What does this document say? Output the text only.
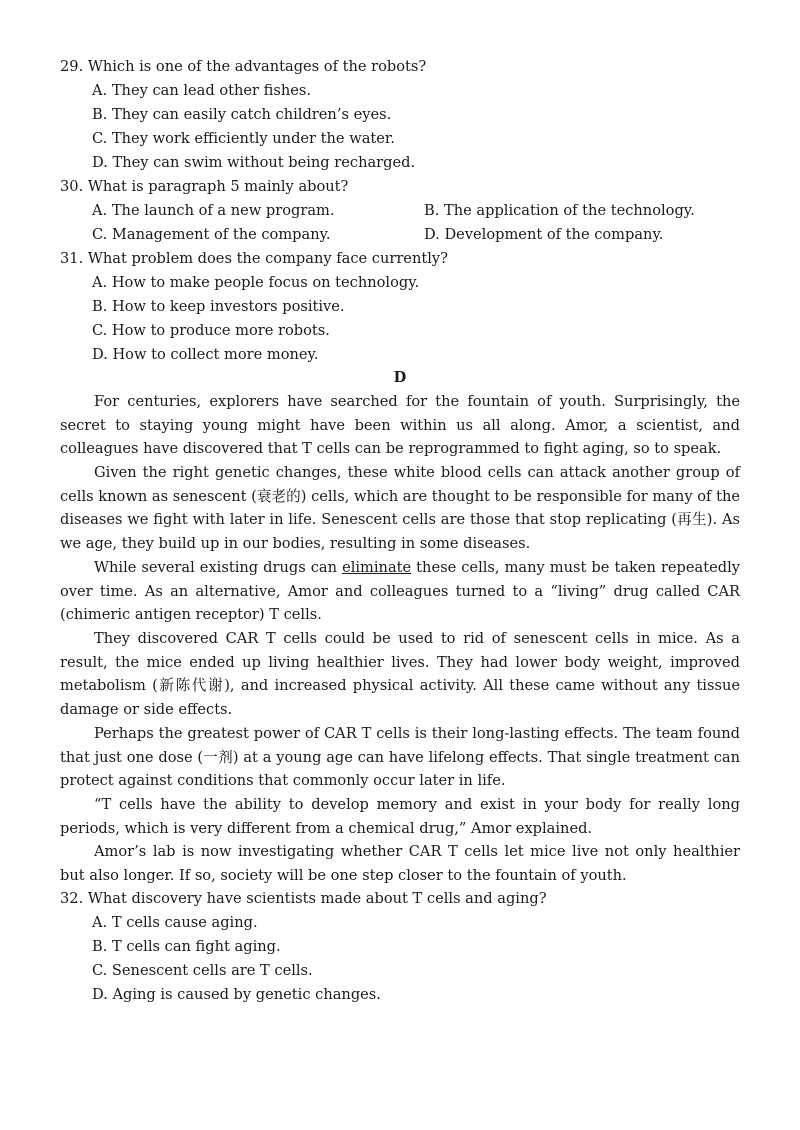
29. Which is one of the advantages of the robots?
A. They can lead other fishes.
B. They can easily catch children’s eyes.
C. They work efficiently under the water.
D. They can swim without being recharged.
30. What is paragraph 5 mainly about?
A. The launch of a new program.	B. The application of the technology.
C. Management of the company.	D. Development of the company.
31. What problem does the company face currently?
A. How to make people focus on technology.
B. How to keep investors positive.
C. How to produce more robots.
D. How to collect more money.
D
For centuries, explorers have searched for the fountain of youth. Surprisingly, the secret to staying young might have been within us all along. Amor, a scientist, and colleagues have discovered that T cells can be reprogrammed to fight aging, so to speak.
Given the right genetic changes, these white blood cells can attack another group of cells known as senescent (衰老的) cells, which are thought to be responsible for many of the diseases we fight with later in life. Senescent cells are those that stop replicating (再生). As we age, they build up in our bodies, resulting in some diseases.
While several existing drugs can eliminate these cells, many must be taken repeatedly over time. As an alternative, Amor and colleagues turned to a “living” drug called CAR (chimeric antigen receptor) T cells.
They discovered CAR T cells could be used to rid of senescent cells in mice. As a result, the mice ended up living healthier lives. They had lower body weight, improved metabolism (新陈代谢), and increased physical activity. All these came without any tissue damage or side effects.
Perhaps the greatest power of CAR T cells is their long-lasting effects. The team found that just one dose (一剂) at a young age can have lifelong effects. That single treatment can protect against conditions that commonly occur later in life.
“T cells have the ability to develop memory and exist in your body for really long periods, which is very different from a chemical drug,” Amor explained.
Amor’s lab is now investigating whether CAR T cells let mice live not only healthier but also longer. If so, society will be one step closer to the fountain of youth.
32. What discovery have scientists made about T cells and aging?
A. T cells cause aging.
B. T cells can fight aging.
C. Senescent cells are T cells.
D. Aging is caused by genetic changes.
